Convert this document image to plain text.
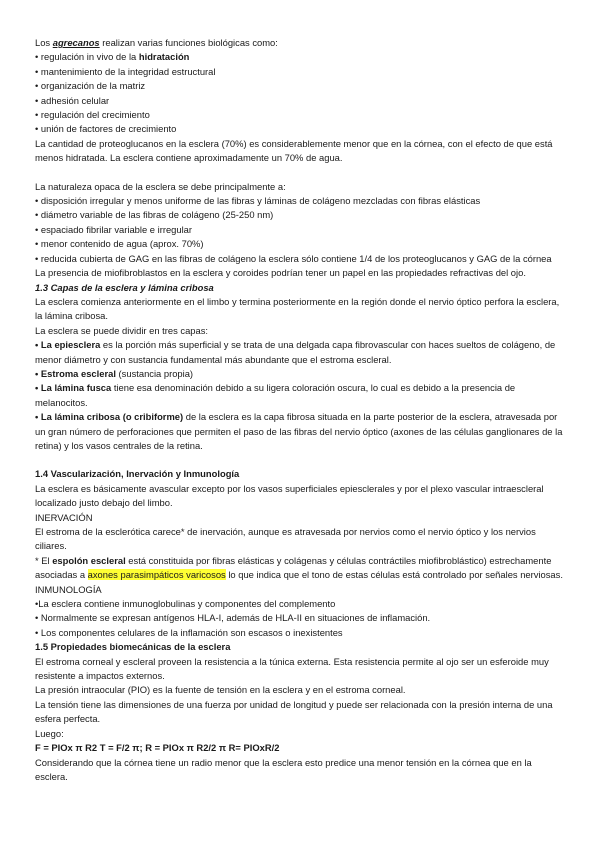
Los agrecanos realizan varias funciones biológicas como:
• regulación in vivo de la hidratación
• mantenimiento de la integridad estructural
• organización de la matriz
• adhesión celular
• regulación del crecimiento
• unión de factores de crecimiento
La cantidad de proteoglucanos en la esclera (70%) es considerablemente menor que en la córnea, con el efecto de que está menos hidratada. La esclera contiene aproximadamente un 70% de agua.
La naturaleza opaca de la esclera se debe principalmente a:
• disposición irregular y menos uniforme de las fibras y láminas de colágeno mezcladas con fibras elásticas
• diámetro variable de las fibras de colágeno (25-250 nm)
• espaciado fibrilar variable e irregular
• menor contenido de agua (aprox. 70%)
• reducida cubierta de GAG en las fibras de colágeno la esclera sólo contiene 1/4 de los proteoglucanos y GAG de la córnea
La presencia de miofibroblastos en la esclera y coroides podrían tener un papel en las propiedades refractivas del ojo.
1.3 Capas de la esclera y lámina cribosa
La esclera comienza anteriormente en el limbo y termina posteriormente en la región donde el nervio óptico perfora la esclera, la lámina cribosa.
La esclera se puede dividir en tres capas:
• La epiesclera es la porción más superficial y se trata de una delgada capa fibrovascular con haces sueltos de colágeno, de menor diámetro y con sustancia fundamental más abundante que el estroma escleral.
• Estroma escleral (sustancia propia)
• La lámina fusca tiene esa denominación debido a su ligera coloración oscura, lo cual es debido a la presencia de melanocitos.
• La lámina cribosa (o cribiforme) de la esclera es la capa fibrosa situada en la parte posterior de la esclera, atravesada por un gran número de perforaciones que permiten el paso de las fibras del nervio óptico (axones de las células ganglionares de la retina) y los vasos centrales de la retina.
1.4 Vascularización, Inervación y Inmunología
La esclera es básicamente avascular excepto por los vasos superficiales epiesclerales y por el plexo vascular intraescleral localizado justo debajo del limbo.
INERVACIÓN
El estroma de la esclerótica carece* de inervación, aunque es atravesada por nervios como el nervio óptico y los nervios ciliares.
* El espolón escleral está constituida por fibras elásticas y colágenas y células contráctiles miofibroblástico) estrechamente asociadas a axones parasimpáticos varicosos lo que indica que el tono de estas células está controlado por señales nerviosas.
INMUNOLOGÍA
•La esclera contiene inmunoglobulinas y componentes del complemento
• Normalmente se expresan antígenos HLA-I, además de HLA-II en situaciones de inflamación.
• Los componentes celulares de la inflamación son escasos o inexistentes
1.5 Propiedades biomecánicas de la esclera
El estroma corneal y escleral proveen la resistencia a la túnica externa. Esta resistencia permite al ojo ser un esferoide muy resistente a impactos externos.
La presión intraocular (PIO) es la fuente de tensión en la esclera y en el estroma corneal.
La tensión tiene las dimensiones de una fuerza por unidad de longitud y puede ser relacionada con la presión interna de una esfera perfecta.
Luego:
F = PIOx π R2 T = F/2 π; R = PIOx π R2/2 π R= PIOxR/2
Considerando que la córnea tiene un radio menor que la esclera esto predice una menor tensión en la córnea que en la esclera.
